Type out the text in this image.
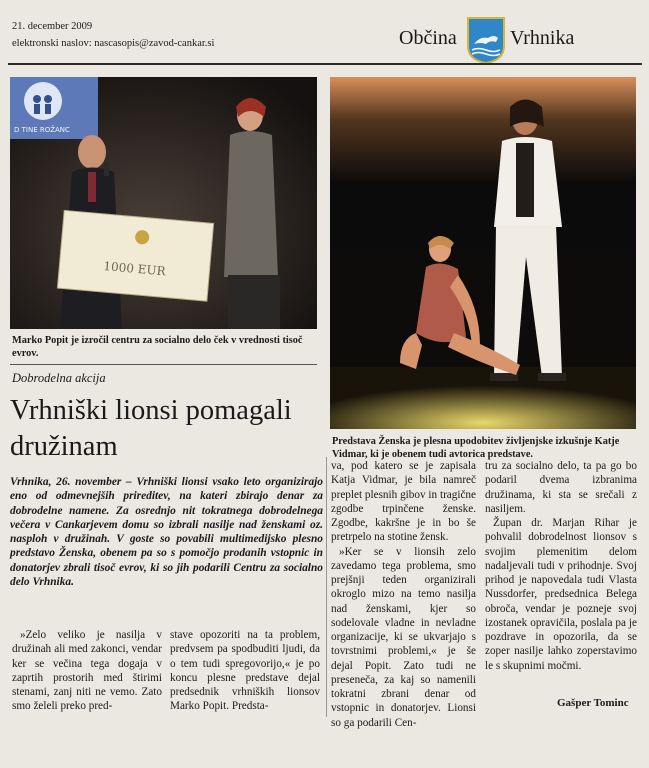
21. december 2009
elektronski naslov: nascasopis@zavod-cankar.si	Občina	Vrhnika
D TINE ROŽANC
1000 EUR
Marko Popit je izročil centru za socialno delo ček v vrednosti tisoč evrov.
Predstava Ženska je plesna upodobitev življenjske izkušnje Katje Vidmar, ki je obenem tudi avtorica predstave.
Dobrodelna akcija
Vrhniški lionsi pomagali družinam
Vrhnika, 26. november – Vrhniški lionsi vsako leto organizirajo eno od odmevnejših prireditev, na kateri zbirajo denar za dobrodelne namene. Za osrednjo nit tokratnega dobrodelnega večera v Cankarjevem domu so izbrali nasilje nad ženskami oz. nasploh v družinah. V goste so povabili multimedijsko plesno predstavo Ženska, obenem pa so s pomočjo prodanih vstopnic in donatorjev zbrali tisoč evrov, ki so jih podarili Centru za socialno delo Vrhnika.

»Zelo veliko je nasilja v družinah ali med zakonci, vendar ker se večina tega dogaja v zaprtih prostorih med štirimi stenami, zanj niti ne vemo. Zato smo želeli preko pred-

stave opozoriti na ta problem, predvsem pa spodbuditi ljudi, da o tem tudi spregovorijo,« je po koncu plesne predstave dejal predsednik vrhniških lionsov Marko Popit. Predsta-

va, pod katero se je zapisala Katja Vidmar, je bila namreč preplet plesnih gibov in tragične zgodbe trpinčene ženske. Zgodbe, kakršne je in bo še pretrpelo na stotine žensk.

»Ker se v lionsih zelo zavedamo tega problema, smo prejšnji teden organizirali okroglo mizo na temo nasilja nad ženskami, kjer so sodelovale vladne in nevladne organizacije, ki se ukvarjajo s tovrstnimi problemi,« je še dejal Popit. Zato tudi ne preseneča, za kaj so namenili tokratni zbrani denar od vstopnic in donatorjev. Lionsi so ga podarili Cen-

tru za socialno delo, ta pa go bo podaril dvema izbranima družinama, ki sta se srečali z nasiljem.

Župan dr. Marjan Rihar je pohvalil dobrodelnost lionsov s svojim plemenitim delom nadaljevali tudi v prihodnje. Svoj prihod je napovedala tudi Vlasta Nussdorfer, predsednica Belega obroča, vendar je pozneje svoj izostanek opravičila, poslala pa je pozdrave in opozorila, da se zoper nasilje lahko zoperstavimo le s skupnimi močmi.

Gašper Tominc
